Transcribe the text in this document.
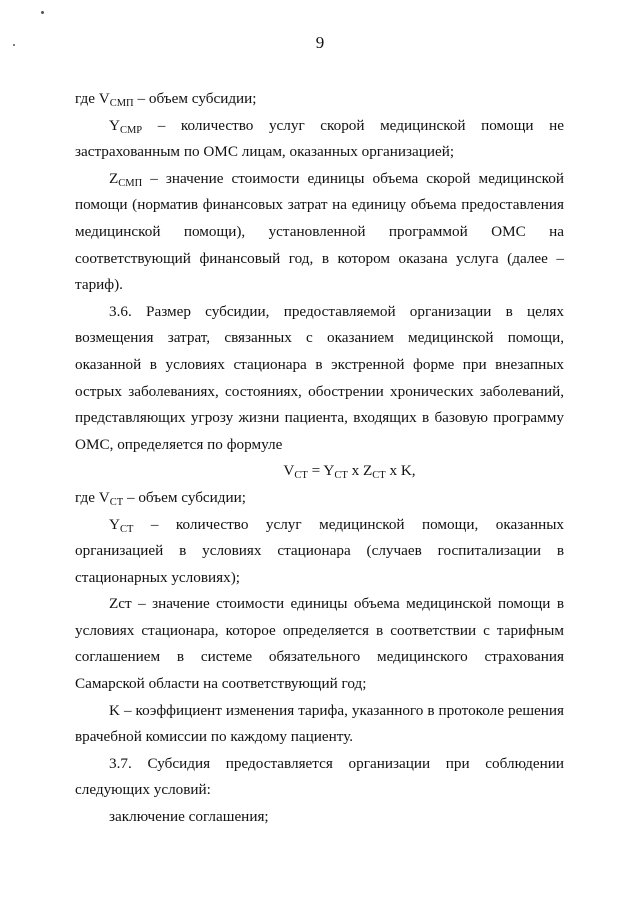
9

где $V_{СМП}$ – объем субсидии;

$Y_{CMP}$ – количество услуг скорой медицинской помощи не застрахованным по ОМС лицам, оказанных организацией;

$Z_{CMП}$ – значение стоимости единицы объема скорой медицинской помощи (норматив финансовых затрат на единицу объема предоставления медицинской помощи), установленной программой ОМС на соответствующий финансовый год, в котором оказана услуга (далее – тариф).

3.6. Размер субсидии, предоставляемой организации в целях возмещения затрат, связанных с оказанием медицинской помощи, оказанной в условиях стационара в экстренной форме при внезапных острых заболеваниях, состояниях, обострении хронических заболеваний, представляющих угрозу жизни пациента, входящих в базовую программу ОМС, определяется по формуле

$V_{CT} = Y_{CT}$ x $Z_{CT}$ x K,

где $V_{CT}$ – объем субсидии;

$Y_{CT}$ – количество услуг медицинской помощи, оказанных организацией в условиях стационара (случаев госпитализации в стационарных условиях);

Zст – значение стоимости единицы объема медицинской помощи в условиях стационара, которое определяется в соответствии с тарифным соглашением в системе обязательного медицинского страхования Самарской области на соответствующий год;

K – коэффициент изменения тарифа, указанного в протоколе решения врачебной комиссии по каждому пациенту.

3.7. Субсидия предоставляется организации при соблюдении следующих условий:

заключение соглашения;
